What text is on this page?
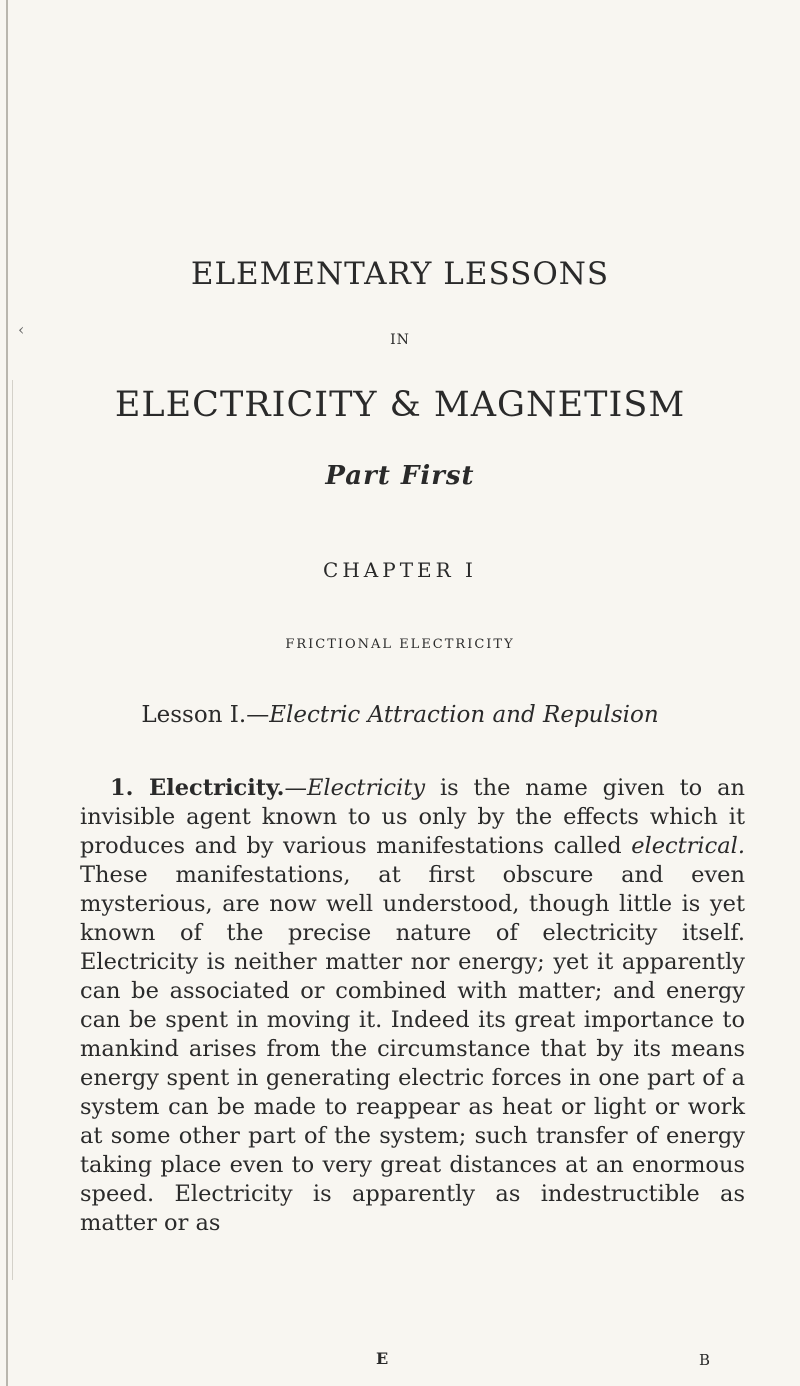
‹
ELEMENTARY LESSONS
IN
ELECTRICITY & MAGNETISM
Part First
CHAPTER I
FRICTIONAL ELECTRICITY
Lesson I.—Electric Attraction and Repulsion
1. Electricity.—Electricity is the name given to an invisible agent known to us only by the effects which it produces and by various manifestations called electrical. These manifestations, at first obscure and even mysterious, are now well understood, though little is yet known of the precise nature of electricity itself. Electricity is neither matter nor energy; yet it apparently can be associated or combined with matter; and energy can be spent in moving it. Indeed its great importance to mankind arises from the circumstance that by its means energy spent in generating electric forces in one part of a system can be made to reappear as heat or light or work at some other part of the system; such transfer of energy taking place even to very great distances at an enormous speed. Electricity is apparently as indestructible as matter or as
E	B
